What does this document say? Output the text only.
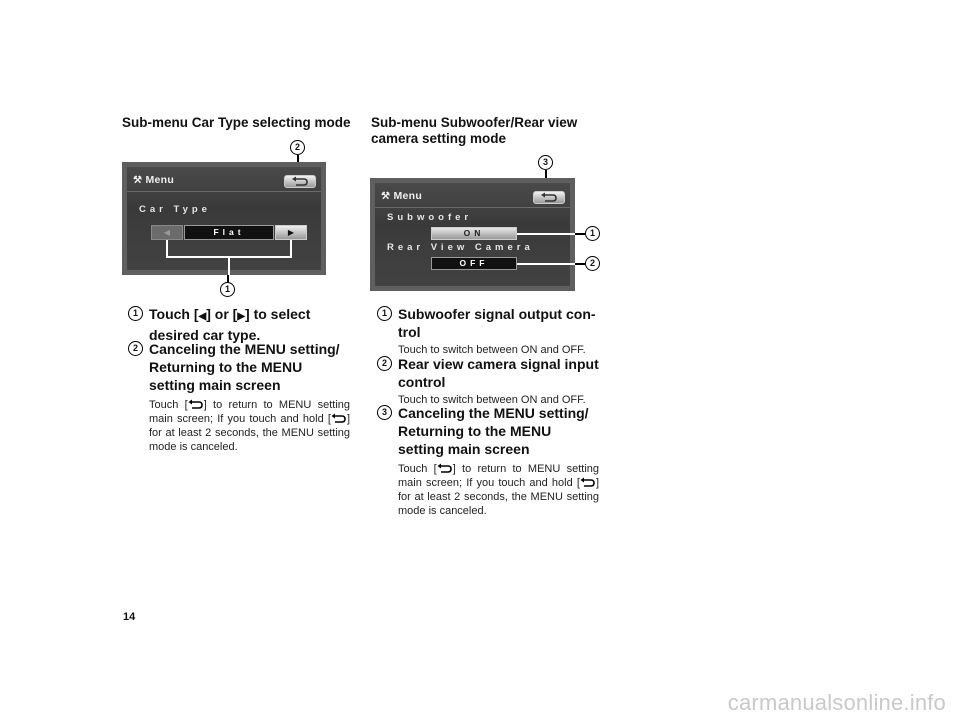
Sub-menu Car Type selecting mode
2
⚒ Menu
Car Type
◀	Flat	▶
1
1 Touch [◀] or [▶] to select desired car type.
2 Canceling the MENU setting/ Returning to the MENU setting main screen
Touch [ ] to return to MENU setting main screen; If you touch and hold [ ] for at least 2 seconds, the MENU setting mode is canceled.
Sub-menu Subwoofer/Rear view
camera setting mode
3
⚒ Menu
Subwoofer
ON
Rear View Camera
OFF
1
2
1 Subwoofer signal output con-trol
Touch to switch between ON and OFF.
2 Rear view camera signal input control
Touch to switch between ON and OFF.
3 Canceling the MENU setting/ Returning to the MENU setting main screen
Touch [ ] to return to MENU setting main screen; If you touch and hold [ ] for at least 2 seconds, the MENU setting mode is canceled.
14
carmanualsonline.info
